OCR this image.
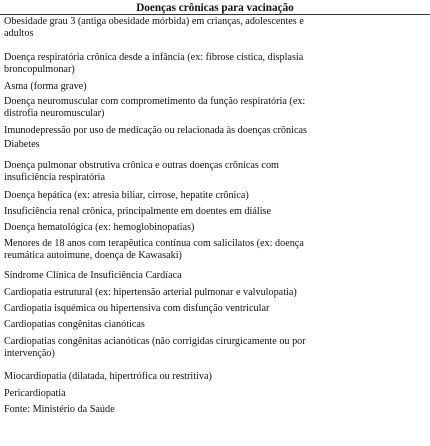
Doenças crônicas para vacinação
Obesidade grau 3 (antiga obesidade mórbida) em crianças, adolescentes e
adultos
Doença respiratória crônica desde a infância (ex: fibrose cística, displasia
broncopulmonar)
Asma (forma grave)
Doença neuromuscular com comprometimento da função respiratória (ex:
distrofia neuromuscular)
Imunodepressão por uso de medicação ou relacionada às doenças crônicas
Diabetes
Doença pulmonar obstrutiva crônica e outras doenças crônicas com
insuficiência respiratória
Doença hepática (ex: atresia biliar, cirrose, hepatite crônica)
Insuficiência renal crônica, principalmente em doentes em diálise
Doença hematológica (ex: hemoglobinopatias)
Menores de 18 anos com terapêutica contínua com salicilatos (ex: doença
reumática autoimune, doença de Kawasaki)
Síndrome Clínica de Insuficiência Cardíaca
Cardiopatia estrutural (ex: hipertensão arterial pulmonar e valvulopatia)
Cardiopatia isquémica ou hipertensiva com disfunção ventricular
Cardiopatias congênitas cianóticas
Cardiopatias congênitas acianóticas (não corrigidas cirurgicamente ou por
intervenção)
Miocardiopatia (dilatada, hipertrófica ou restritiva)
Pericardiopatia
Fonte: Ministério da Saúde
